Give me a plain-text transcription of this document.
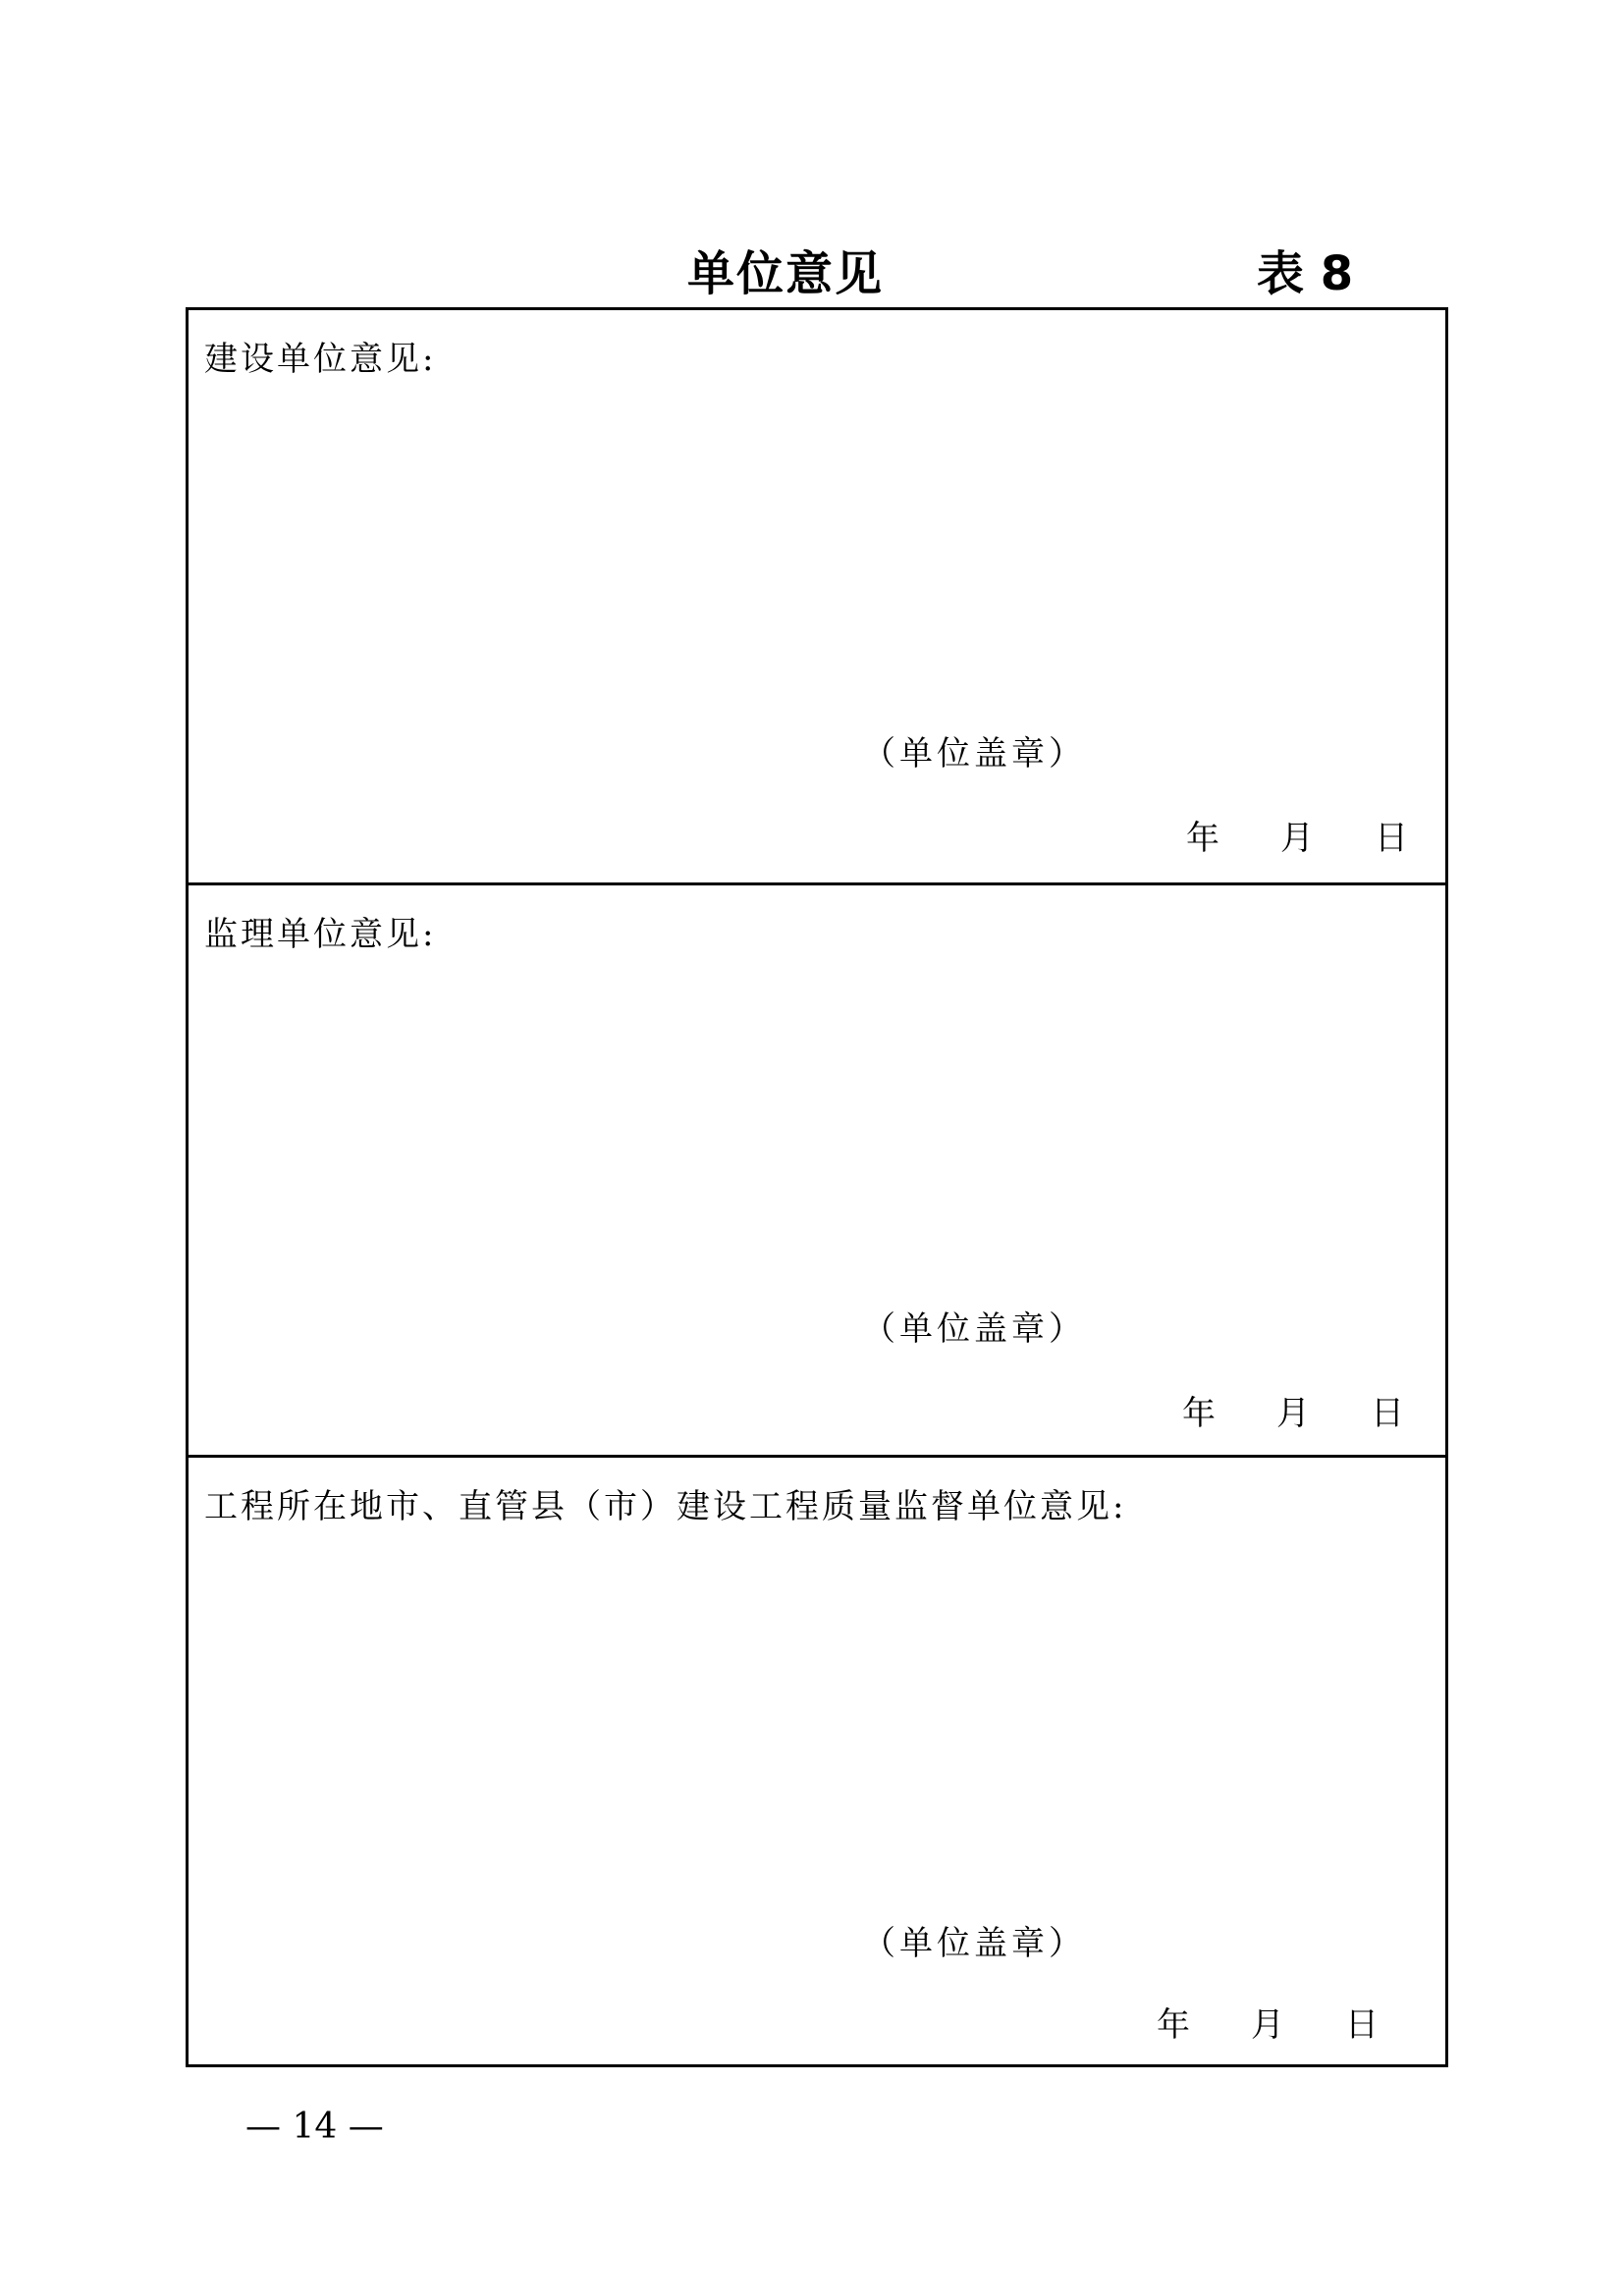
单位意见	表 8
建设单位意见:
（单位盖章）
年 月 日
监理单位意见:
（单位盖章）
年 月 日
工程所在地市、直管县（市）建设工程质量监督单位意见:
（单位盖章）
年 月 日
— 14 —
